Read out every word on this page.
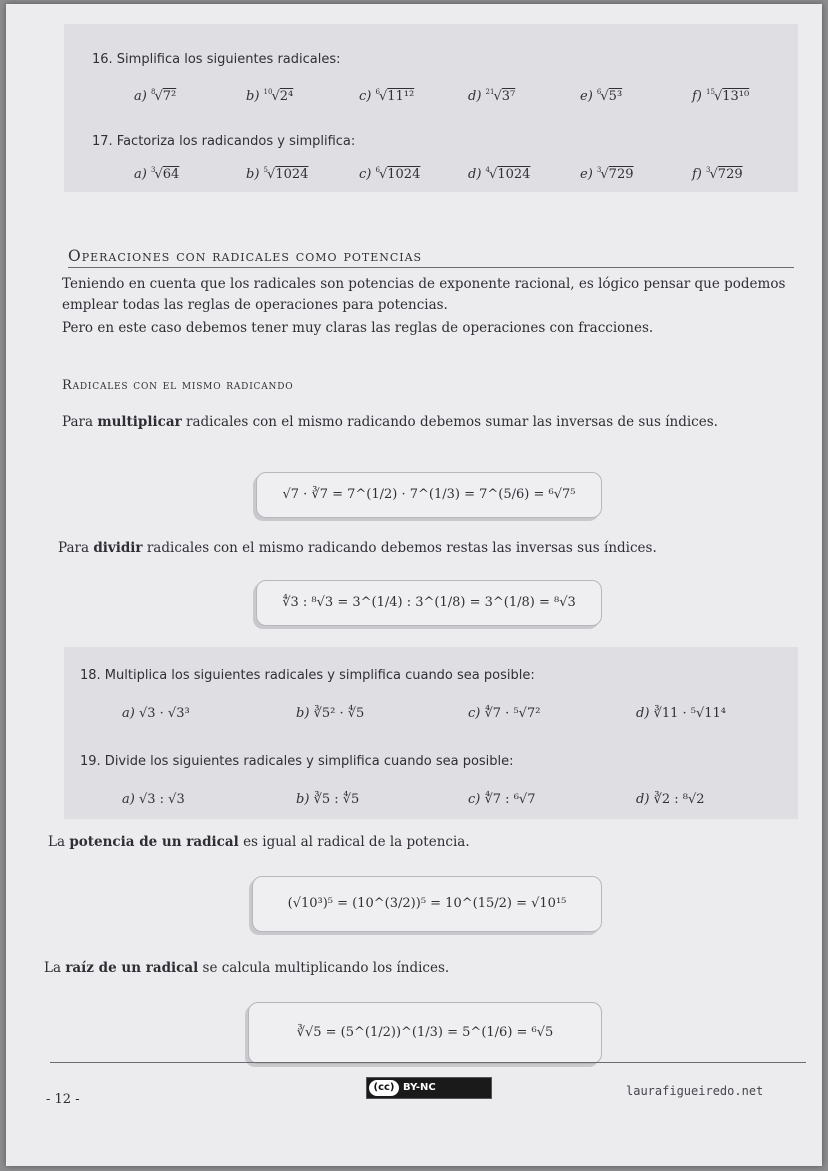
16. Simplifica los siguientes radicales:
a) $^8$√7²	b) $^{10}$√2⁴	c) $^6$√11¹²	d) $^{21}$√3⁷	e) $^6$√5³	f) $^{15}$√13¹⁰
17. Factoriza los radicandos y simplifica:
a) $^3$√64	b) $^5$√1024	c) $^6$√1024	d) $^4$√1024	e) $^3$√729	f) $^3$√729
Operaciones con radicales como potencias
Teniendo en cuenta que los radicales son potencias de exponente racional, es lógico pensar que podemos emplear todas las reglas de operaciones para potencias.
Pero en este caso debemos tener muy claras las reglas de operaciones con fracciones.
Radicales con el mismo radicando
Para multiplicar radicales con el mismo radicando debemos sumar las inversas de sus índices.
√7 · ∛7 = 7^(1/2) · 7^(1/3) = 7^(5/6) = ⁶√7⁵
Para dividir radicales con el mismo radicando debemos restas las inversas sus índices.
∜3 : ⁸√3 = 3^(1/4) : 3^(1/8) = 3^(1/8) = ⁸√3
18. Multiplica los siguientes radicales y simplifica cuando sea posible:
a) √3 · √3³	b) ∛5² · ∜5	c) ∜7 · ⁵√7²	d) ∛11 · ⁵√11⁴
19. Divide los siguientes radicales y simplifica cuando sea posible:
a) √3 : √3	b) ∛5 : ∜5	c) ∜7 : ⁶√7	d) ∛2 : ⁸√2
La potencia de un radical es igual al radical de la potencia.
(√10³)⁵ = (10^(3/2))⁵ = 10^(15/2) = √10¹⁵
La raíz de un radical se calcula multiplicando los índices.
∛√5 = (5^(1/2))^(1/3) = 5^(1/6) = ⁶√5
- 12 -
(cc) BY-NC	laurafigueiredo.net
